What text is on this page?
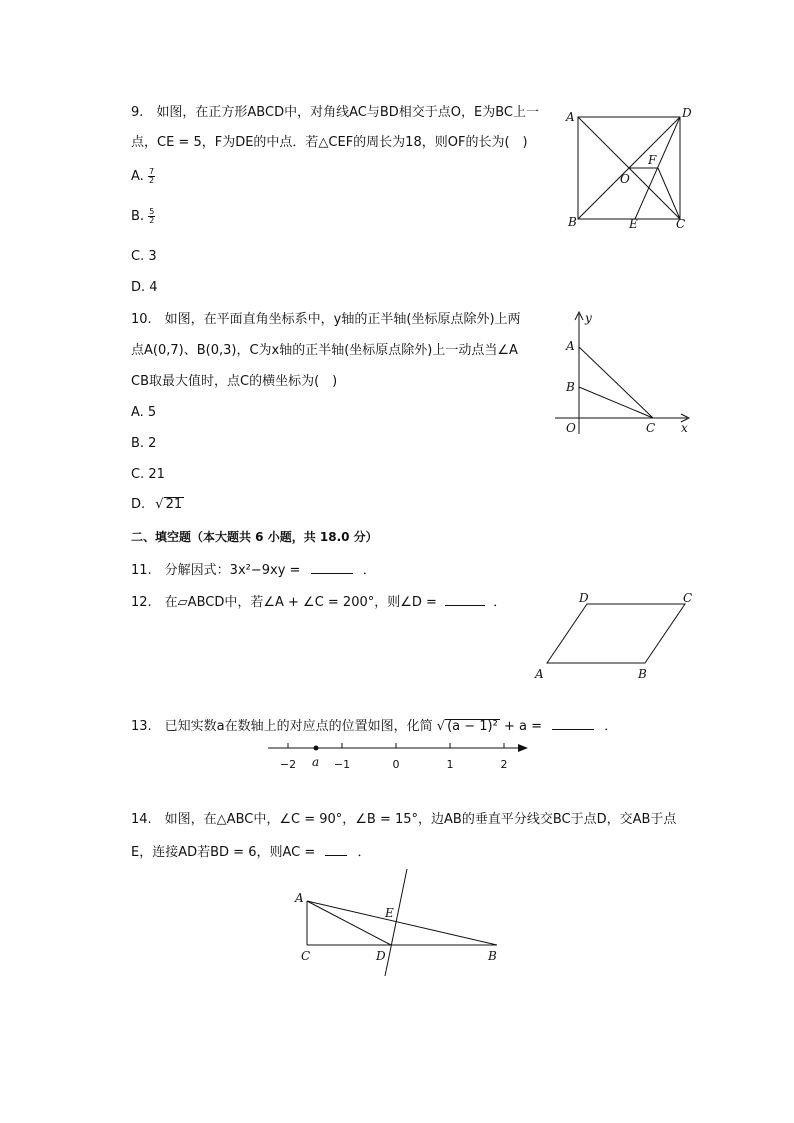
9.　如图，在正方形ABCD中，对角线AC与BD相交于点O，E为BC上一
点，CE = 5，F为DE的中点．若△CEF的周长为18，则OF的长为(　)
A. $\frac{7}{2}$
B. $\frac{5}{2}$
C. 3
D. 4
A	D
B	C
E
F
O
10.　如图，在平面直角坐标系中，y轴的正半轴(坐标原点除外)上两
点A(0,7)、B(0,3)，C为x轴的正半轴(坐标原点除外)上一动点当∠A
CB取最大值时，点C的横坐标为(　)
A. 5
B. 2
C. 21
D. √ 21
y
x
A
B
O	C
二、填空题（本大题共 6 小题，共 18.0 分）
11.　分解因式：3x²−9xy =	．
12.　在▱ABCD中，若∠A + ∠C = 200°，则∠D =	．
A	B
C
D
13.　已知实数a在数轴上的对应点的位置如图，化简 √ (a − 1)² + a =	．
−2	−1	0	1	2
a
14.　如图，在△ABC中，∠C = 90°，∠B = 15°，边AB的垂直平分线交BC于点D，交AB于点
E，连接AD若BD = 6，则AC =	．
A
C	D	B
E
